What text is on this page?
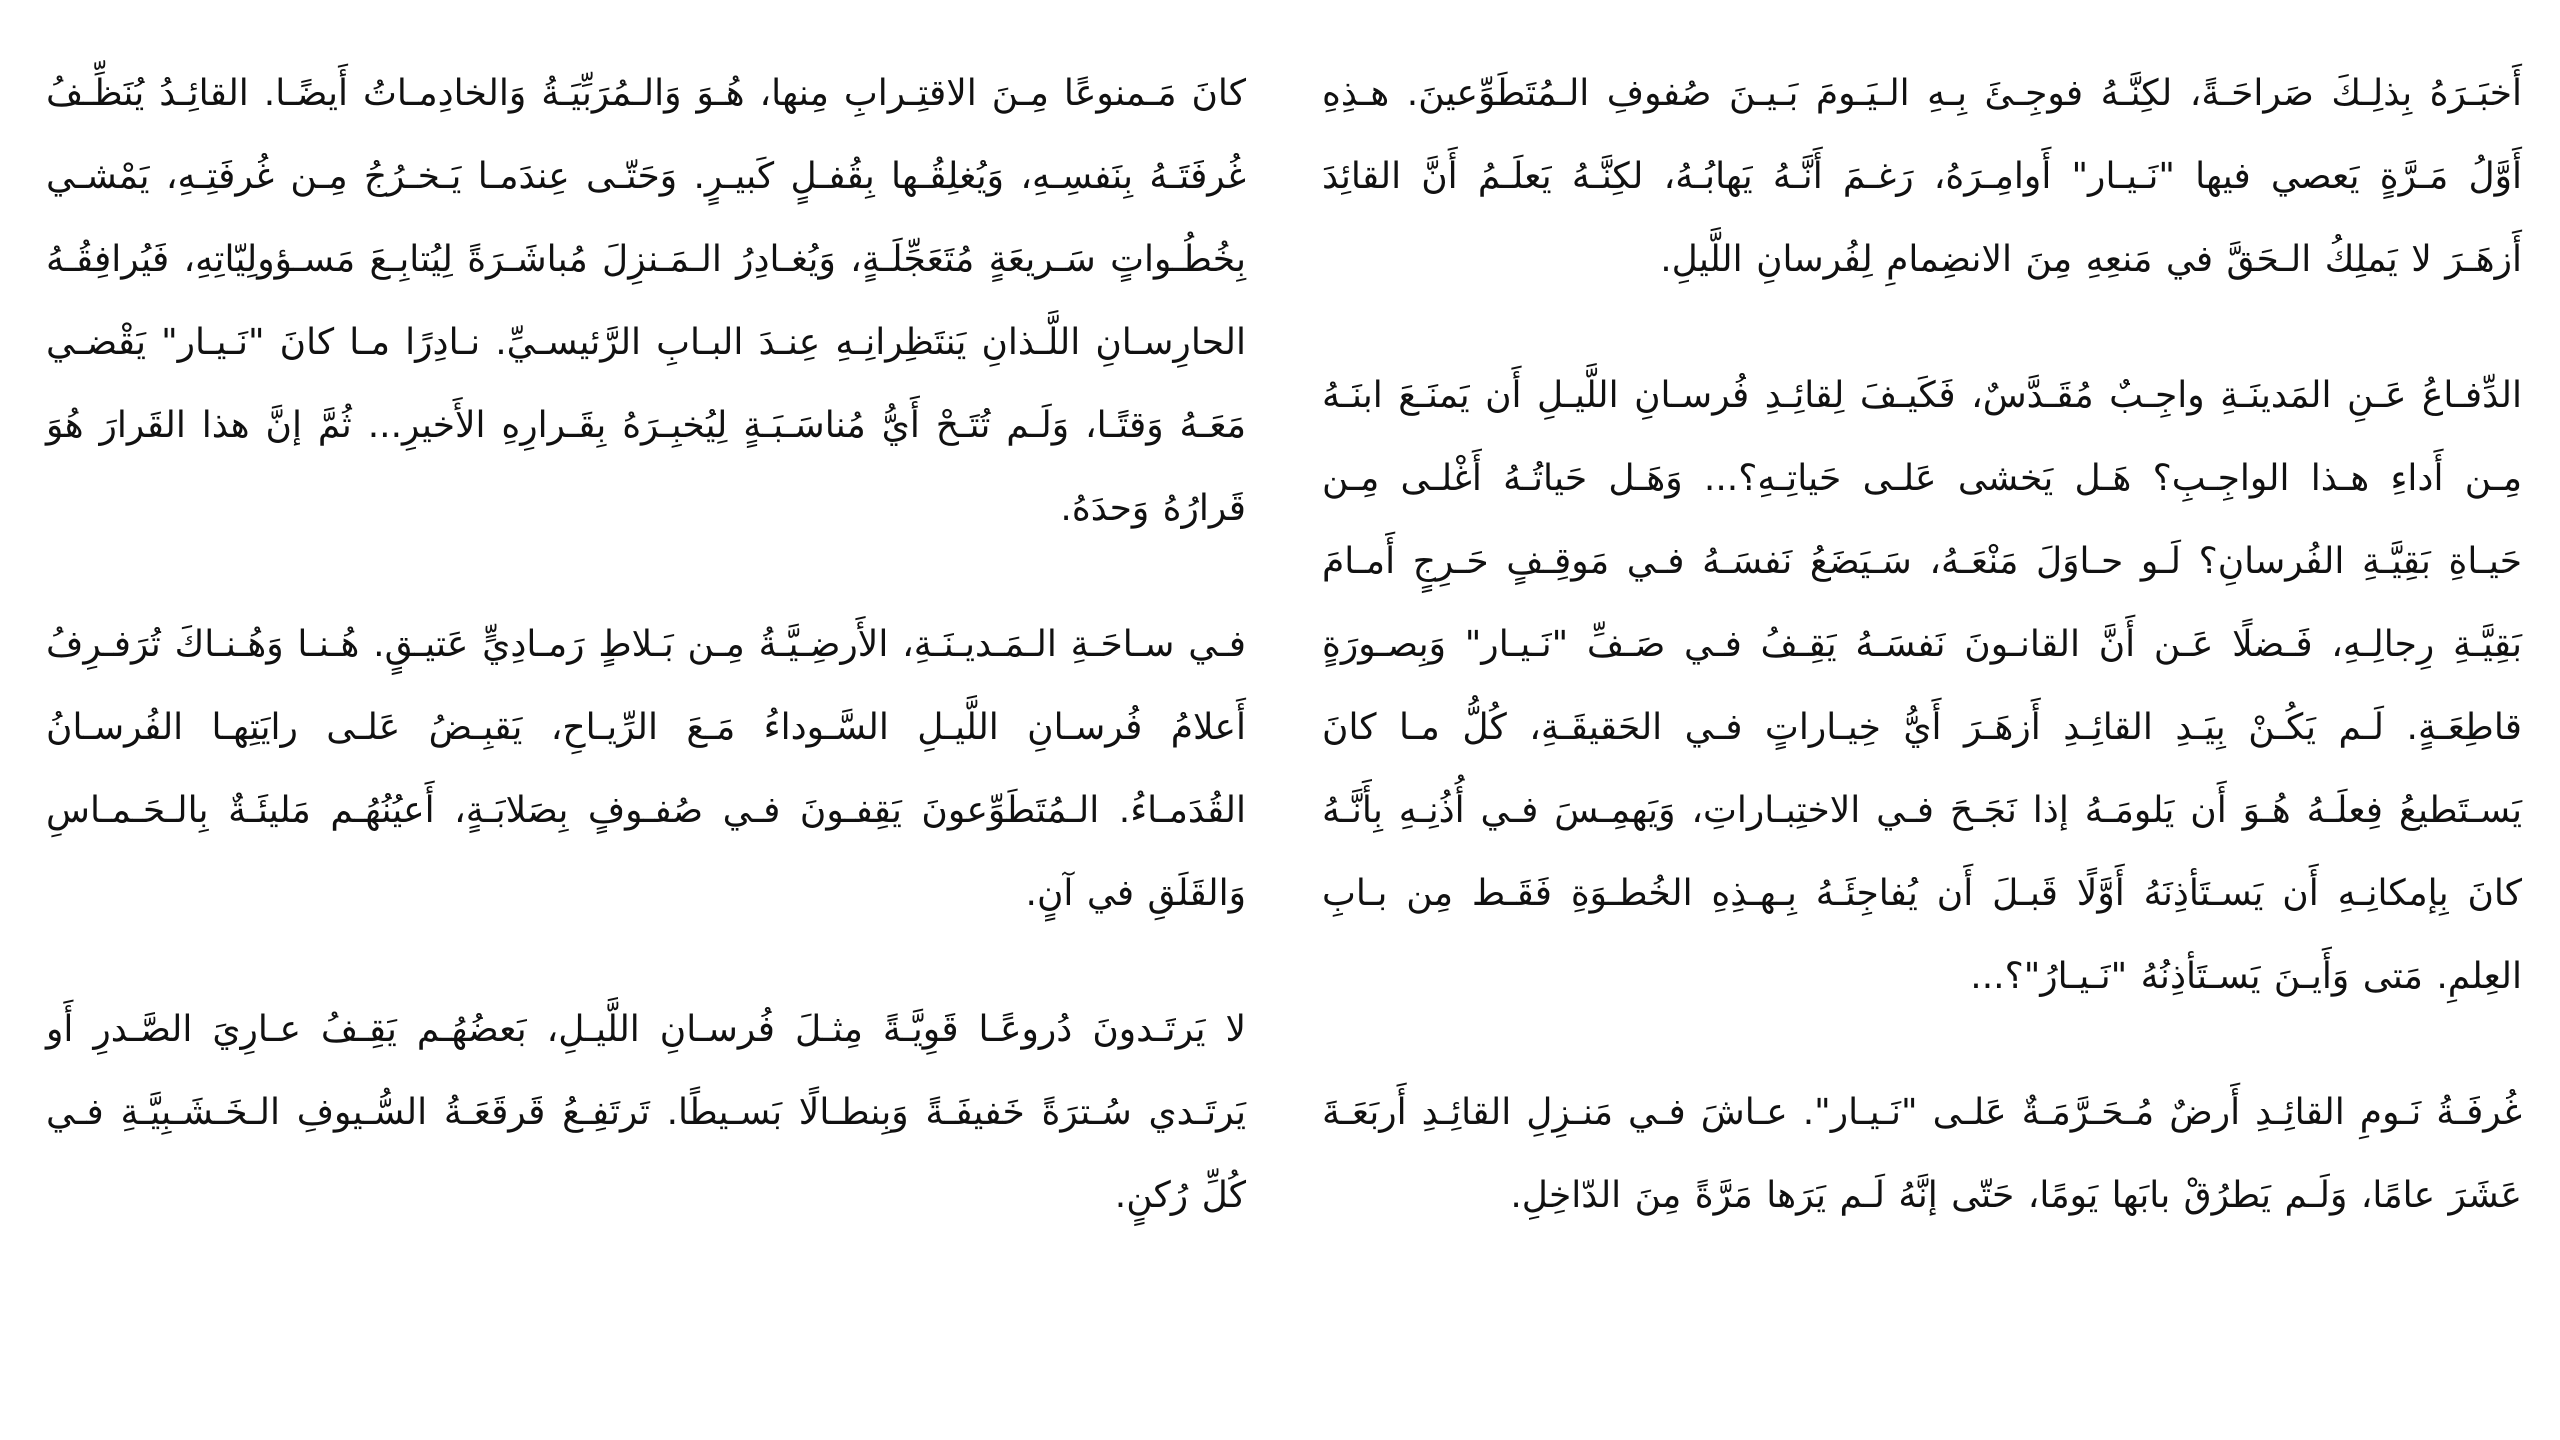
أَخبَـرَهُ بِذلِـكَ صَراحَـةً، لكِنَّـهُ فوجِـئَ بِـهِ الـيَـومَ بَـيـنَ صُفوفِ الـمُتَطَوِّعينَ. هـذِهِ أَوَّلُ مَـرَّةٍ يَعصي فيها "نَـيـار" أَوامِـرَهُ، رَغـمَ أَنَّـهُ يَهابُـهُ، لكِنَّـهُ يَعلَـمُ أَنَّ القائِدَ أَزهَـرَ لا يَملِكُ الـحَقَّ في مَنعِهِ مِنَ الانضِمامِ لِفُرسانِ اللَّيلِ.

الدِّفـاعُ عَـنِ المَدينَـةِ واجِـبٌ مُقَـدَّسٌ، فَكَيـفَ لِقائِـدِ فُرسـانِ اللَّيـلِ أَن يَمنَـعَ ابنَـهُ مِـن أَداءِ هـذا الواجِـبِ؟ هَـل يَخشى عَلـى حَياتِـهِ؟... وَهَـل حَياتُـهُ أَغْلـى مِـن حَيـاةِ بَقِيَّـةِ الفُرسانِ؟ لَـو حـاوَلَ مَنْعَـهُ، سَـيَضَعُ نَفسَـهُ فـي مَوقِـفٍ حَـرِجٍ أَمـامَ بَقِيَّـةِ رِجالِـهِ، فَـضلًا عَـن أَنَّ القانـونَ نَفسَـهُ يَقِـفُ فـي صَـفِّ "نَـيـار" وَبِصـورَةٍ قاطِعَـةٍ. لَـم يَكُـنْ بِيَـدِ القائِـدِ أَزهَـرَ أَيُّ خِيـاراتٍ فـي الحَقيقَـةِ، كُلُّ مـا كانَ يَسـتَطيعُ فِعلَـهُ هُـوَ أَن يَلومَـهُ إذا نَجَـحَ فـي الاختِبـاراتِ، وَيَهمِـسَ فـي أُذُنِـهِ بِأَنَّـهُ كانَ بِإمكانِـهِ أَن يَسـتَأذِنَهُ أَوَّلًا قَبـلَ أَن يُفاجِئَـهُ بِـهـذِهِ الخُطـوَةِ فَقَـط مِن بـابِ العِلمِ. مَتى وَأَيـنَ يَسـتَأذِنُهُ "نَـيـارُ"؟...

غُرفَـةُ نَـومِ القائِـدِ أَرضٌ مُـحَـرَّمَـةٌ عَلـى "نَـيـار". عـاشَ فـي مَنـزِلِ القائِـدِ أَربَعَـةَ عَشَرَ عامًا، وَلَـم يَطرُقْ بابَها يَومًا، حَتّى إنَّهُ لَـم يَرَها مَرَّةً مِنَ الدّاخِلِ.

كانَ مَـمنوعًا مِـنَ الاقتِـرابِ مِنها، هُـوَ وَالـمُرَبِّيَـةُ وَالخادِمـاتُ أَيضًـا. القائِـدُ يُنَظِّـفُ غُرفَتَـهُ بِنَفسِـهِ، وَيُغلِقُـها بِقُفـلٍ كَبيـرٍ. وَحَتّـى عِندَمـا يَـخـرُجُ مِـن غُرفَتِـهِ، يَمْشـي بِخُطُـواتٍ سَـريعَةٍ مُتَعَجِّلَـةٍ، وَيُغـادِرُ الـمَـنزِلَ مُباشَـرَةً لِيُتابِـعَ مَسـؤولِيّاتِهِ، فَيُرافِقُـهُ الحارِسـانِ اللَّـذانِ يَنتَظِرانِـهِ عِنـدَ البـابِ الرَّئيسـيِّ. نـادِرًا مـا كانَ "نَـيـار" يَقْضـي مَعَـهُ وَقتًـا، وَلَـم تُتَـحْ أَيُّ مُناسَـبَـةٍ لِيُخبِـرَهُ بِقَـرارِهِ الأَخيرِ... ثُمَّ إنَّ هذا القَرارَ هُوَ قَرارُهُ وَحدَهُ.

فـي سـاحَـةِ الـمَـديـنَـةِ، الأَرضِـيَّـةُ مِـن بَـلاطٍ رَمـادِيٍّ عَتيـقٍ. هُـنـا وَهُـنـاكَ تُرَفـرِفُ أَعلامُ فُرسـانِ اللَّيـلِ السَّـوداءُ مَـعَ الرِّيـاحِ، يَقبِـضُ عَلـى رايَتِهـا الفُرسـانُ القُدَمـاءُ. الـمُتَطَوِّعونَ يَقِفـونَ فـي صُفـوفٍ بِصَلابَـةٍ، أَعيُنُهُـم مَليئَـةٌ بِالـحَـمـاسِ وَالقَلَقِ في آنٍ.

لا يَرتَـدونَ دُروعًـا قَوِيَّـةً مِثـلَ فُرسـانِ اللَّيـلِ، بَعضُهُـم يَقِـفُ عـارِيَ الصَّـدرِ أَو يَرتَـدي سُـترَةً خَفيفَـةً وَبِنطـالًا بَسـيطًا. تَرتَفِـعُ قَرقَعَـةُ السُّـيوفِ الـخَـشَـبِيَّـةِ فـي كُلِّ رُكنٍ.
